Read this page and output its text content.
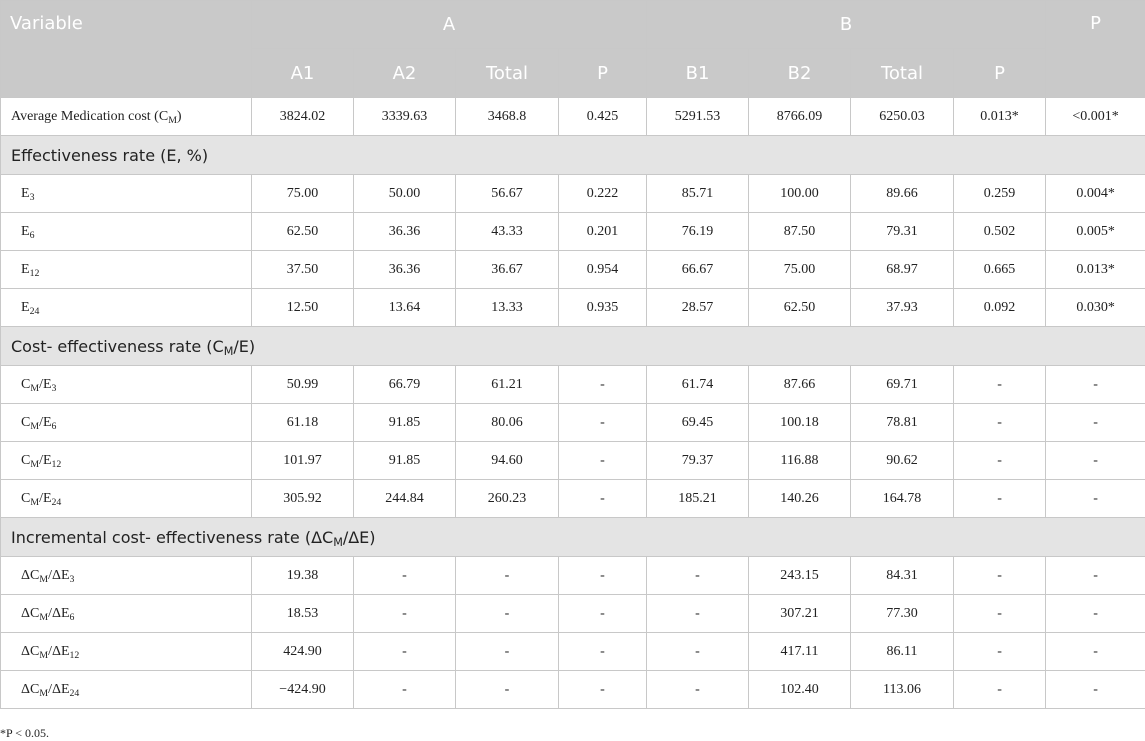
Variable	A				B				P
	A1	A2	Total	P	B1	B2	Total	P	
Average Medication cost $(C_M)$	3824.02	3339.63	3468.8	0.425	5291.53	8766.09	6250.03	0.013*	<0.001*
Effectiveness rate (E, %)									
$E_3$	75.00	50.00	56.67	0.222	85.71	100.00	89.66	0.259	0.004*
$E_6$	62.50	36.36	43.33	0.201	76.19	87.50	79.31	0.502	0.005*
$E_{12}$	37.50	36.36	36.67	0.954	66.67	75.00	68.97	0.665	0.013*
$E_{24}$	12.50	13.64	13.33	0.935	28.57	62.50	37.93	0.092	0.030*
Cost- effectiveness rate $(C_M/E)$									
$C_M/E_3$	50.99	66.79	61.21	-	61.74	87.66	69.71	-	-
$C_M/E_6$	61.18	91.85	80.06	-	69.45	100.18	78.81	-	-
$C_M/E_{12}$	101.97	91.85	94.60	-	79.37	116.88	90.62	-	-
$C_M/E_{24}$	305.92	244.84	260.23	-	185.21	140.26	164.78	-	-
Incremental cost- effectiveness rate $(\Delta C_M/\Delta E)$									
$\Delta C_M/\Delta E_3$	19.38	-	-	-	-	243.15	84.31	-	-
$\Delta C_M/\Delta E_6$	18.53	-	-	-	-	307.21	77.30	-	-
$\Delta C_M/\Delta E_{12}$	424.90	-	-	-	-	417.11	86.11	-	-
$\Delta C_M/\Delta E_{24}$	−424.90	-	-	-	-	102.40	113.06	-	-
*P < 0.05.
